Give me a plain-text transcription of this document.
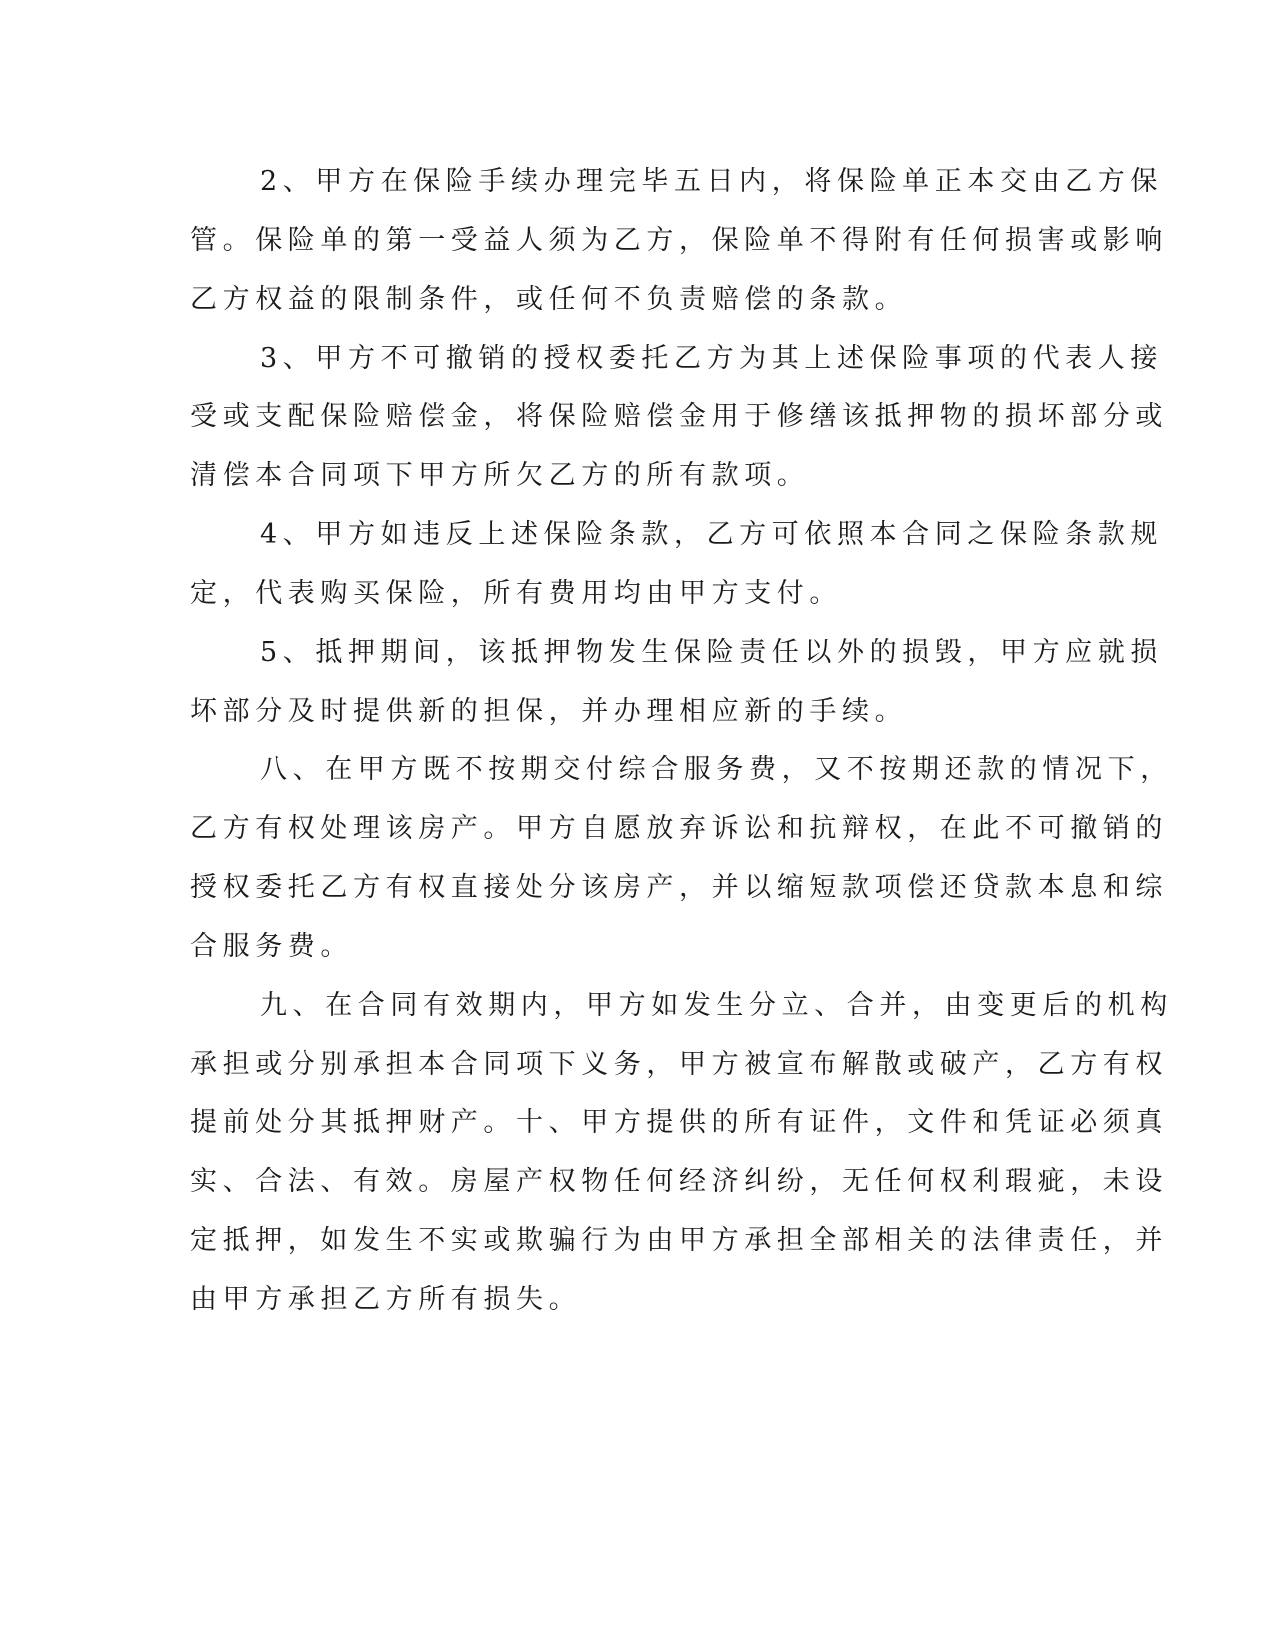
2、甲方在保险手续办理完毕五日内，将保险单正本交由乙方保

管。保险单的第一受益人须为乙方，保险单不得附有任何损害或影响

乙方权益的限制条件，或任何不负责赔偿的条款。

3、甲方不可撤销的授权委托乙方为其上述保险事项的代表人接

受或支配保险赔偿金，将保险赔偿金用于修缮该抵押物的损坏部分或

清偿本合同项下甲方所欠乙方的所有款项。

4、甲方如违反上述保险条款，乙方可依照本合同之保险条款规

定，代表购买保险，所有费用均由甲方支付。

5、抵押期间，该抵押物发生保险责任以外的损毁，甲方应就损

坏部分及时提供新的担保，并办理相应新的手续。

八、在甲方既不按期交付综合服务费，又不按期还款的情况下，

乙方有权处理该房产。甲方自愿放弃诉讼和抗辩权，在此不可撤销的

授权委托乙方有权直接处分该房产，并以缩短款项偿还贷款本息和综

合服务费。

九、在合同有效期内，甲方如发生分立、合并，由变更后的机构

承担或分别承担本合同项下义务，甲方被宣布解散或破产，乙方有权

提前处分其抵押财产。十、甲方提供的所有证件，文件和凭证必须真

实、合法、有效。房屋产权物任何经济纠纷，无任何权利瑕疵，未设

定抵押，如发生不实或欺骗行为由甲方承担全部相关的法律责任，并

由甲方承担乙方所有损失。
